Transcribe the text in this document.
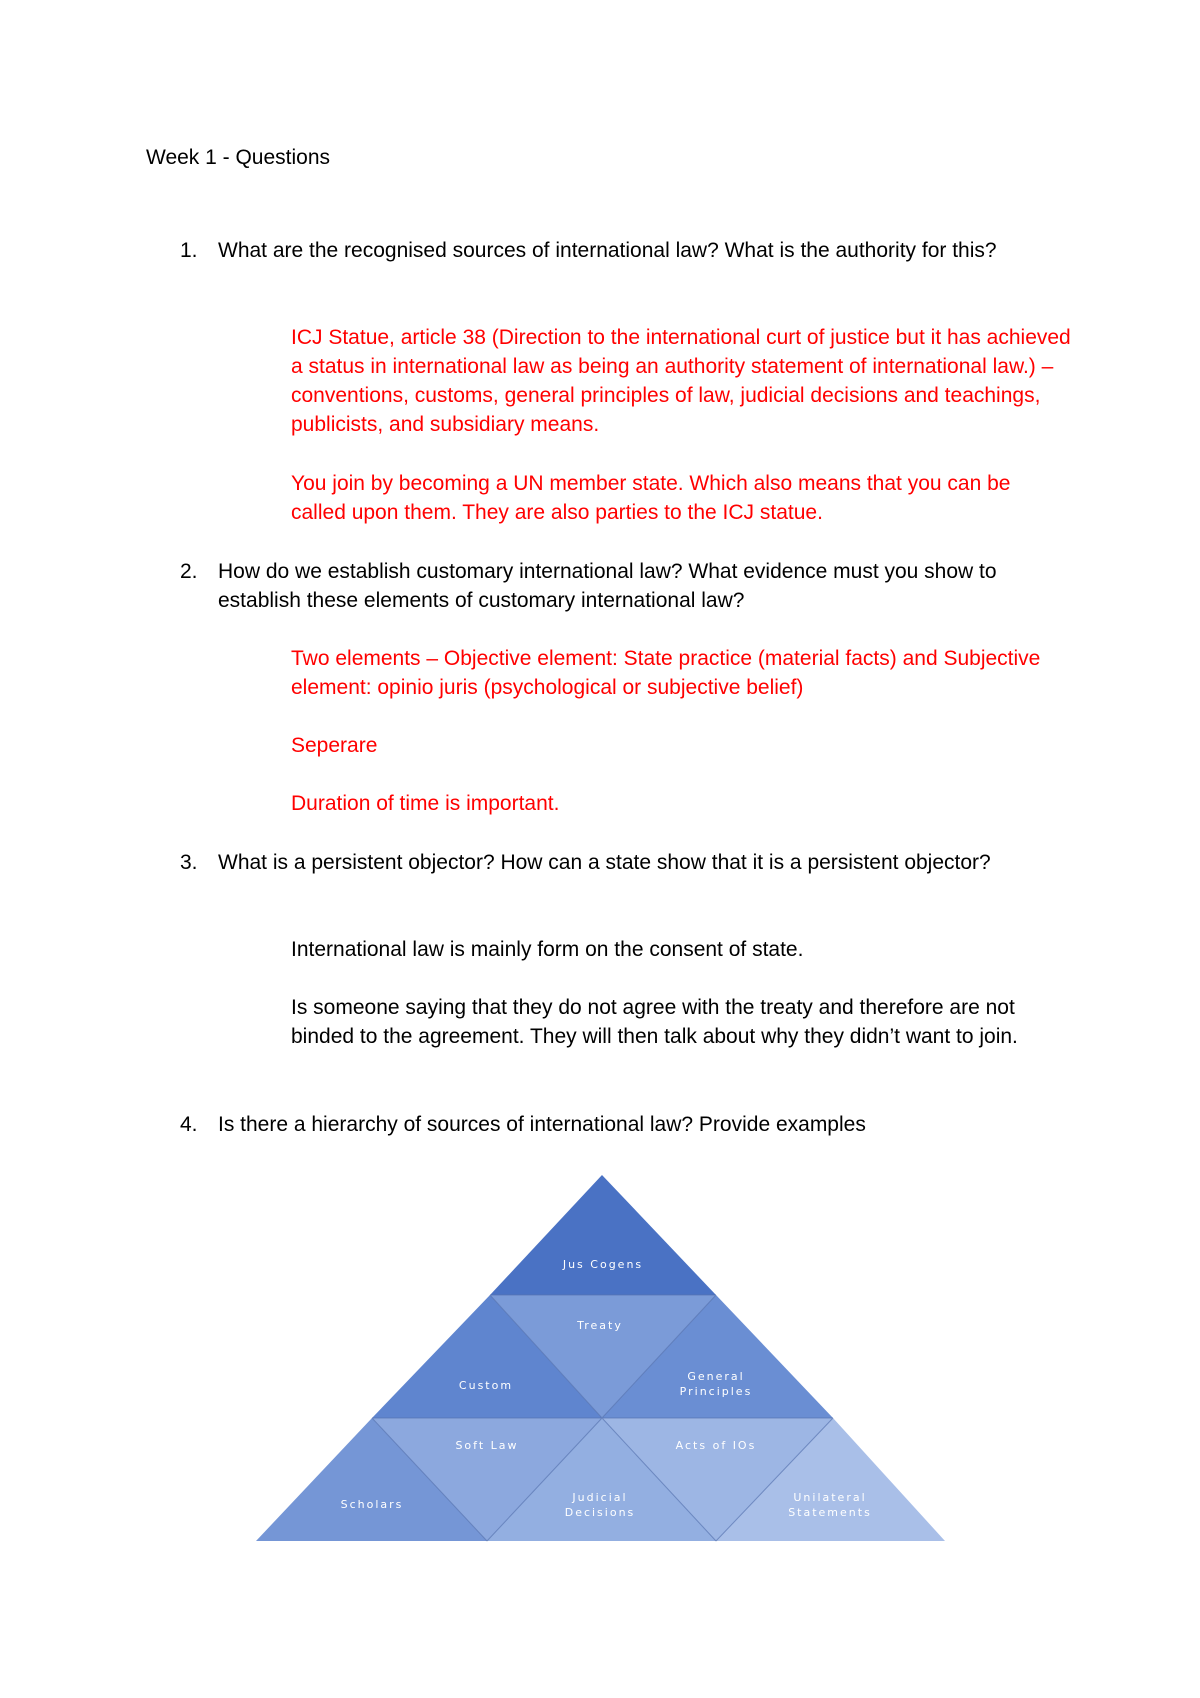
Week 1 - Questions
1. What are the recognised sources of international law? What is the authority for this?
ICJ Statue, article 38 (Direction to the international curt of justice but it has achieved a status in international law as being an authority statement of international law.) – conventions, customs, general principles of law, judicial decisions and teachings, publicists, and subsidiary means.
You join by becoming a UN member state. Which also means that you can be called upon them. They are also parties to the ICJ statue.
2. How do we establish customary international law? What evidence must you show to establish these elements of customary international law?
Two elements – Objective element: State practice (material facts) and Subjective element: opinio juris (psychological or subjective belief)
Seperare
Duration of time is important.
3. What is a persistent objector? How can a state show that it is a persistent objector?
International law is mainly form on the consent of state.
Is someone saying that they do not agree with the treaty and therefore are not binded to the agreement. They will then talk about why they didn’t want to join.
4. Is there a hierarchy of sources of international law? Provide examples
Jus Cogens
Treaty
Custom
General
Principles
Soft Law	Acts of IOs
Scholars
Judicial
Decisions
Unilateral
Statements
